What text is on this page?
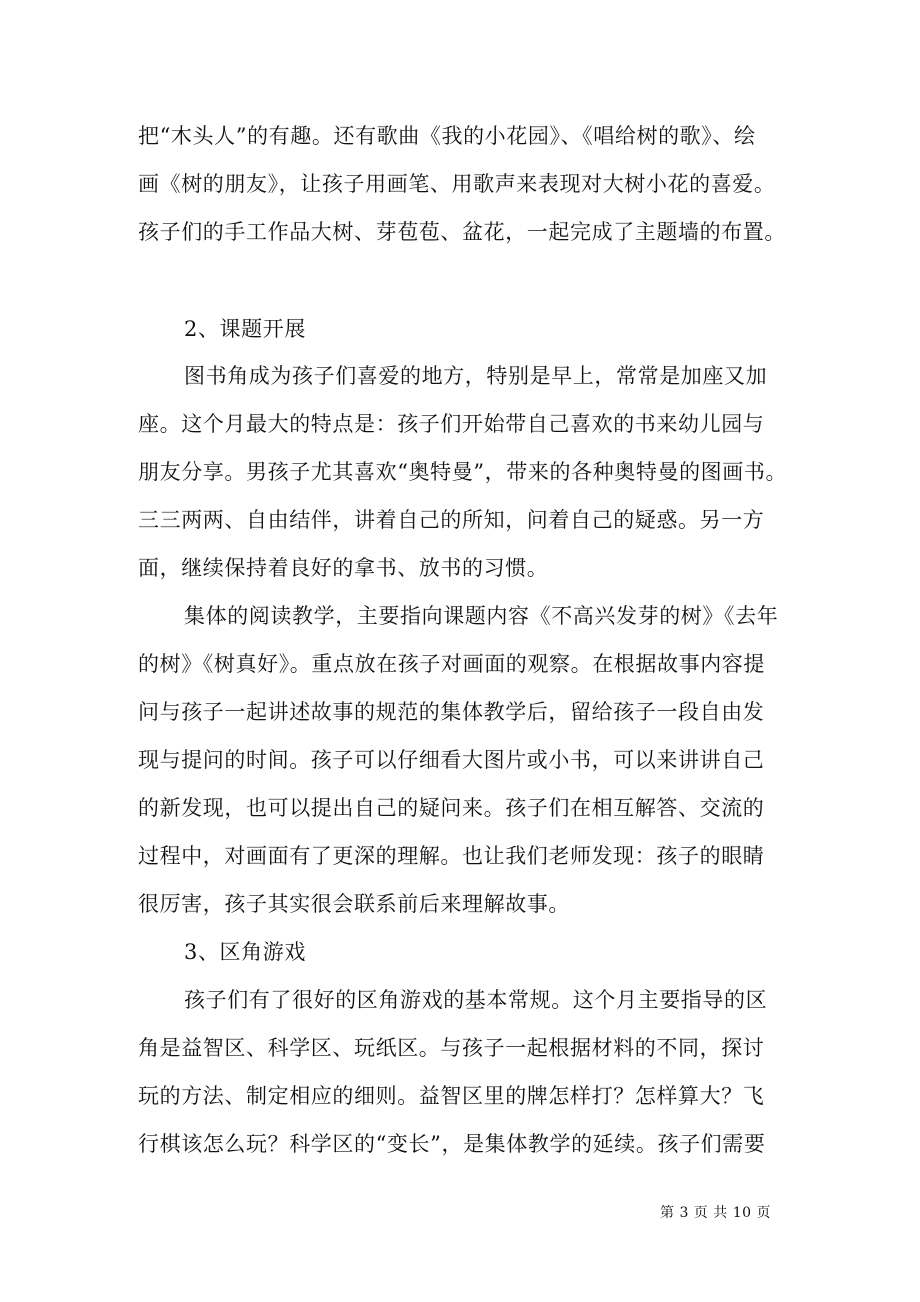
把“木头人”的有趣。还有歌曲《我的小花园》、《唱给树的歌》、绘
画《树的朋友》，让孩子用画笔、用歌声来表现对大树小花的喜爱。
孩子们的手工作品大树、芽苞苞、盆花，一起完成了主题墙的布置。
2、课题开展
图书角成为孩子们喜爱的地方，特别是早上，常常是加座又加
座。这个月最大的特点是：孩子们开始带自己喜欢的书来幼儿园与
朋友分享。男孩子尤其喜欢“奥特曼”，带来的各种奥特曼的图画书。
三三两两、自由结伴，讲着自己的所知，问着自己的疑惑。另一方
面，继续保持着良好的拿书、放书的习惯。
集体的阅读教学，主要指向课题内容《不高兴发芽的树》《去年
的树》《树真好》。重点放在孩子对画面的观察。在根据故事内容提
问与孩子一起讲述故事的规范的集体教学后，留给孩子一段自由发
现与提问的时间。孩子可以仔细看大图片或小书，可以来讲讲自己
的新发现，也可以提出自己的疑问来。孩子们在相互解答、交流的
过程中，对画面有了更深的理解。也让我们老师发现：孩子的眼睛
很厉害，孩子其实很会联系前后来理解故事。
3、区角游戏
孩子们有了很好的区角游戏的基本常规。这个月主要指导的区
角是益智区、科学区、玩纸区。与孩子一起根据材料的不同，探讨
玩的方法、制定相应的细则。益智区里的牌怎样打？怎样算大？飞
行棋该怎么玩？科学区的“变长”，是集体教学的延续。孩子们需要
第 3 页 共 10 页
